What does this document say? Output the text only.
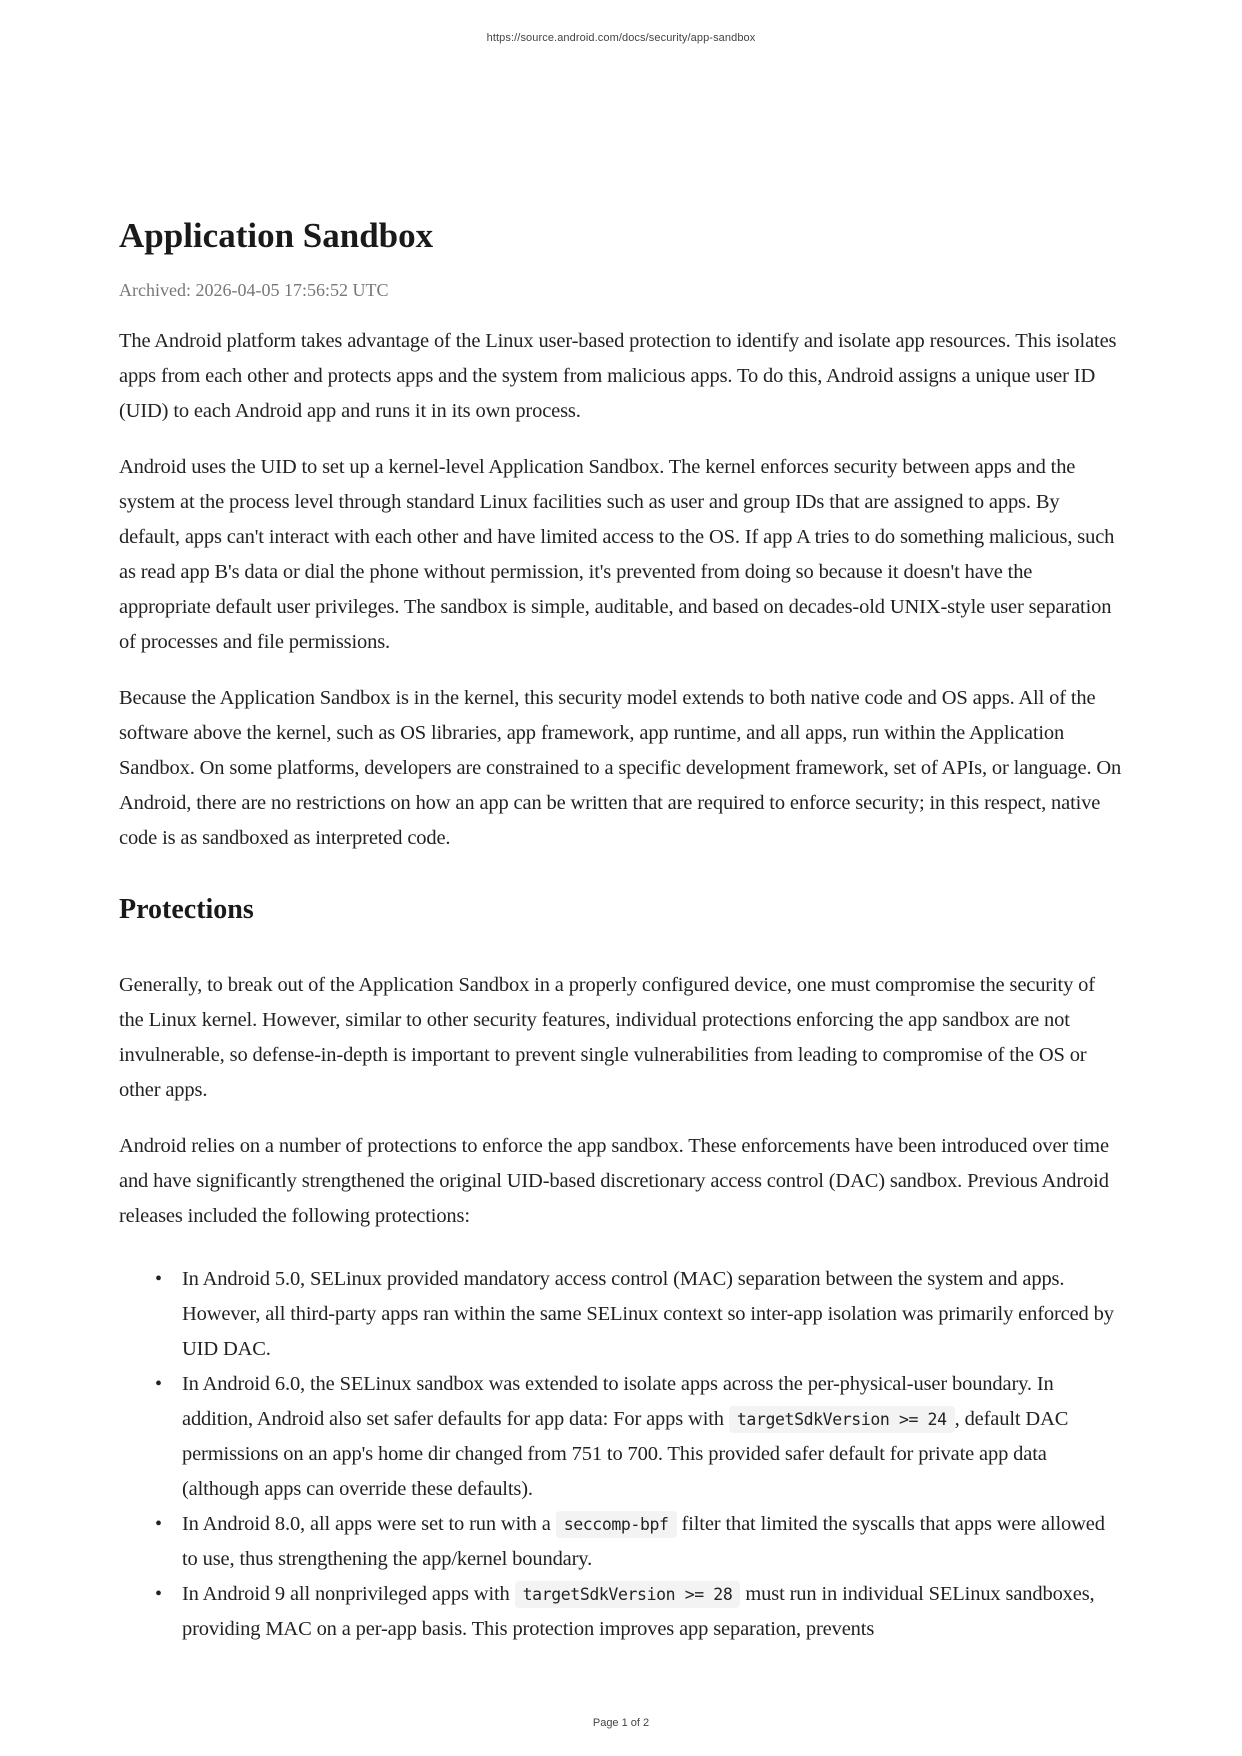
https://source.android.com/docs/security/app-sandbox
Application Sandbox
Archived: 2026-04-05 17:56:52 UTC

The Android platform takes advantage of the Linux user-based protection to identify and isolate app resources. This isolates apps from each other and protects apps and the system from malicious apps. To do this, Android assigns a unique user ID (UID) to each Android app and runs it in its own process.

Android uses the UID to set up a kernel-level Application Sandbox. The kernel enforces security between apps and the system at the process level through standard Linux facilities such as user and group IDs that are assigned to apps. By default, apps can't interact with each other and have limited access to the OS. If app A tries to do something malicious, such as read app B's data or dial the phone without permission, it's prevented from doing so because it doesn't have the appropriate default user privileges. The sandbox is simple, auditable, and based on decades-old UNIX-style user separation of processes and file permissions.

Because the Application Sandbox is in the kernel, this security model extends to both native code and OS apps. All of the software above the kernel, such as OS libraries, app framework, app runtime, and all apps, run within the Application Sandbox. On some platforms, developers are constrained to a specific development framework, set of APIs, or language. On Android, there are no restrictions on how an app can be written that are required to enforce security; in this respect, native code is as sandboxed as interpreted code.

Protections

Generally, to break out of the Application Sandbox in a properly configured device, one must compromise the security of the Linux kernel. However, similar to other security features, individual protections enforcing the app sandbox are not invulnerable, so defense-in-depth is important to prevent single vulnerabilities from leading to compromise of the OS or other apps.

Android relies on a number of protections to enforce the app sandbox. These enforcements have been introduced over time and have significantly strengthened the original UID-based discretionary access control (DAC) sandbox. Previous Android releases included the following protections:

• In Android 5.0, SELinux provided mandatory access control (MAC) separation between the system and apps. However, all third-party apps ran within the same SELinux context so inter-app isolation was primarily enforced by UID DAC.
• In Android 6.0, the SELinux sandbox was extended to isolate apps across the per-physical-user boundary. In addition, Android also set safer defaults for app data: For apps with targetSdkVersion >= 24 , default DAC permissions on an app's home dir changed from 751 to 700. This provided safer default for private app data (although apps can override these defaults).
• In Android 8.0, all apps were set to run with a seccomp-bpf filter that limited the syscalls that apps were allowed to use, thus strengthening the app/kernel boundary.
• In Android 9 all nonprivileged apps with targetSdkVersion >= 28 must run in individual SELinux sandboxes, providing MAC on a per-app basis. This protection improves app separation, prevents
Page 1 of 2
